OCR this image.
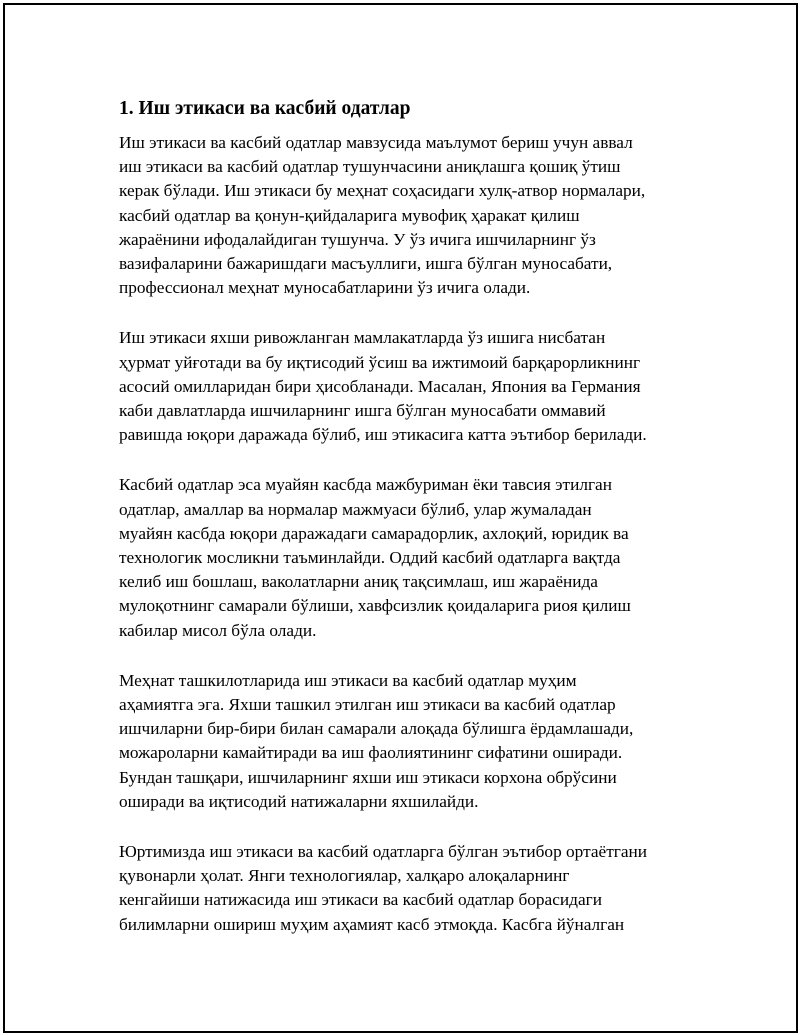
1. Иш этикаси ва касбий одатлар

Иш этикаси ва касбий одатлар мавзусида маълумот бериш учун аввал
иш этикаси ва касбий одатлар тушунчасини аниқлашга қошиқ ўтиш
керак бўлади. Иш этикаси бу меҳнат соҳасидаги хулқ-атвор нормалари,
касбий одатлар ва қонун-қийдаларига мувофиқ ҳаракат қилиш
жараёнини ифодалайдиган тушунча. У ўз ичига ишчиларнинг ўз
вазифаларини бажаришдаги масъуллиги, ишга бўлган муносабати,
профессионал меҳнат муносабатларини ўз ичига олади.

Иш этикаси яхши ривожланган мамлакатларда ўз ишига нисбатан
ҳурмат уйғотади ва бу иқтисодий ўсиш ва ижтимоий барқарорликнинг
асосий омилларидан бири ҳисобланади. Масалан, Япония ва Германия
каби давлатларда ишчиларнинг ишга бўлган муносабати оммавий
равишда юқори даражада бўлиб, иш этикасига катта эътибор берилади.

Касбий одатлар эса муайян касбда мажбуриман ёки тавсия этилган
одатлар, амаллар ва нормалар мажмуаси бўлиб, улар жумаладан
муайян касбда юқори даражадаги самарадорлик, ахлоқий, юридик ва
технологик мосликни таъминлайди. Оддий касбий одатларга вақтда
келиб иш бошлаш, ваколатларни аниқ тақсимлаш, иш жараёнида
мулоқотнинг самарали бўлиши, хавфсизлик қоидаларига риоя қилиш
кабилар мисол бўла олади.

Меҳнат ташкилотларида иш этикаси ва касбий одатлар муҳим
аҳамиятга эга. Яхши ташкил этилган иш этикаси ва касбий одатлар
ишчиларни бир-бири билан самарали алоқада бўлишга ёрдамлашади,
можароларни камайтиради ва иш фаолиятининг сифатини оширади.
Бундан ташқари, ишчиларнинг яхши иш этикаси корхона обрўсини
оширади ва иқтисодий натижаларни яхшилайди.

Юртимизда иш этикаси ва касбий одатларга бўлган эътибор ортаётгани
қувонарли ҳолат. Янги технологиялар, халқаро алоқаларнинг
кенгайиши натижасида иш этикаси ва касбий одатлар борасидаги
билимларни ошириш муҳим аҳамият касб этмоқда. Касбга йўналган
